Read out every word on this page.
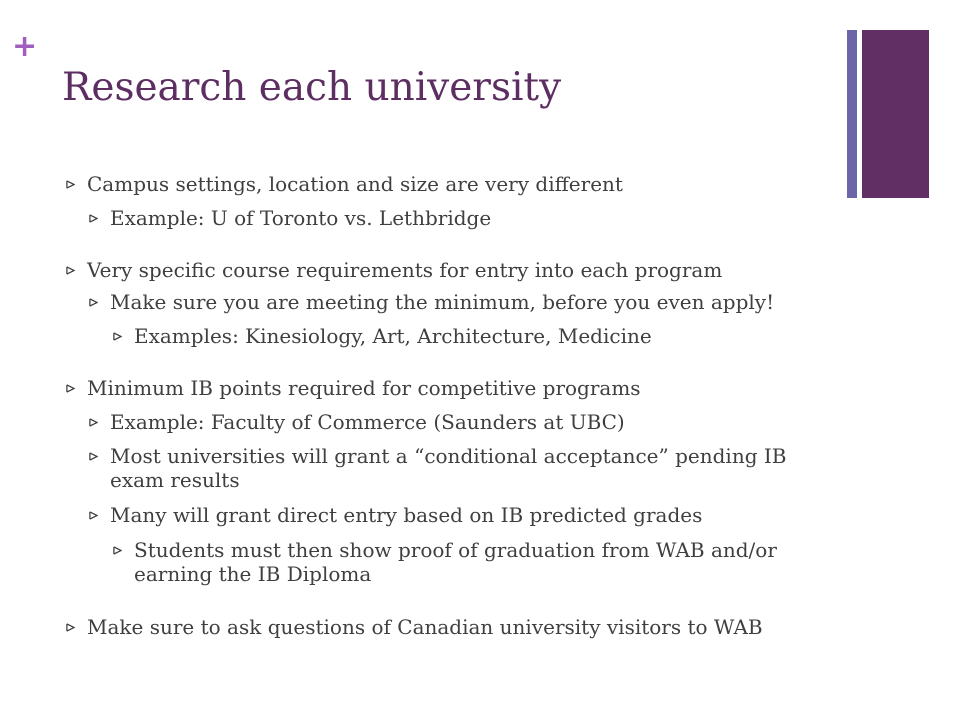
+
Research each university
Campus settings, location and size are very different
Example: U of Toronto vs. Lethbridge
Very specific course requirements for entry into each program
Make sure you are meeting the minimum, before you even apply!
Examples: Kinesiology, Art, Architecture, Medicine
Minimum IB points required for competitive programs
Example: Faculty of Commerce (Saunders at UBC)
Most universities will grant a “conditional acceptance” pending IB
exam results
Many will grant direct entry based on IB predicted grades
Students must then show proof of graduation from WAB and/or
earning the IB Diploma
Make sure to ask questions of Canadian university visitors to WAB
